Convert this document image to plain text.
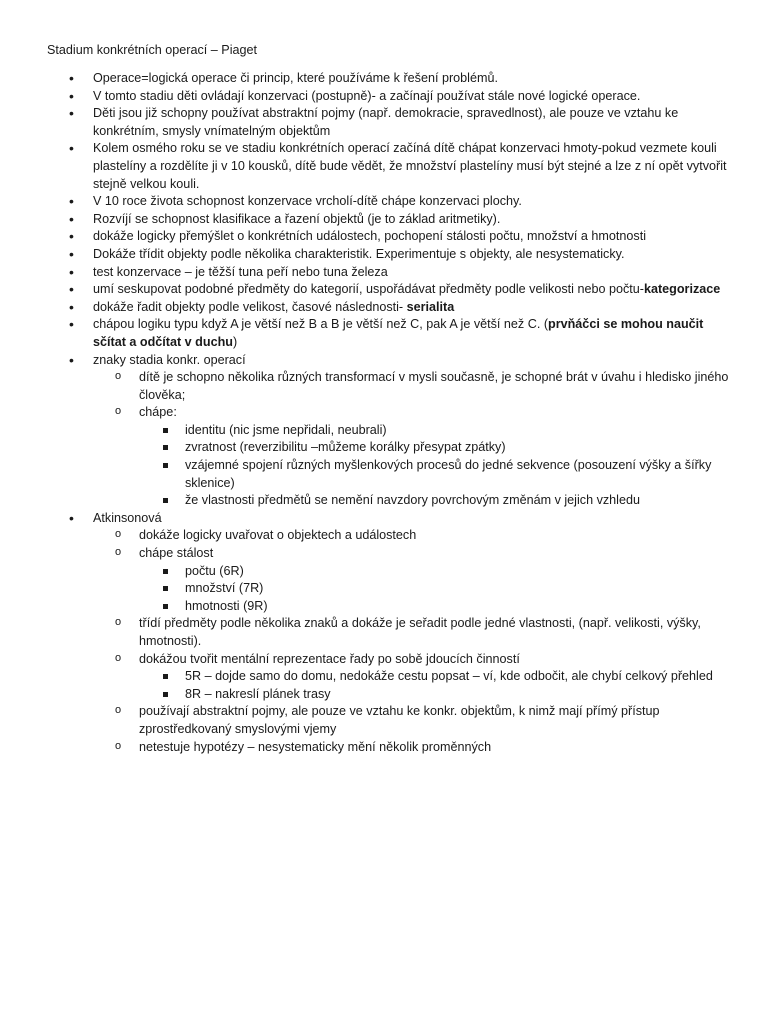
Stadium konkrétních operací – Piaget
• Operace=logická operace či princip, které používáme k řešení problémů.
• V tomto stadiu děti ovládají konzervaci (postupně)- a začínají používat stále nové logické operace.
• Děti jsou již schopny používat abstraktní pojmy (např. demokracie, spravedlnost), ale pouze ve vztahu ke konkrétním, smysly vnímatelným objektům
• Kolem osmého roku se ve stadiu konkrétních operací začíná dítě chápat konzervaci hmoty-pokud vezmete kouli plastelíny a rozdělíte ji v 10 kousků, dítě bude vědět, že množství plastelíny musí být stejné a lze z ní opět vytvořit stejně velkou kouli.
• V 10 roce života schopnost konzervace vrcholí-dítě chápe konzervaci plochy.
• Rozvíjí se schopnost klasifikace a řazení objektů (je to základ aritmetiky).
• dokáže logicky přemýšlet o konkrétních událostech, pochopení stálosti počtu, množství a hmotnosti
• Dokáže třídit objekty podle několika charakteristik. Experimentuje s objekty, ale nesystematicky.
• test konzervace – je těžší tuna peří nebo tuna železa
• umí seskupovat podobné předměty do kategorií, uspořádávat předměty podle velikosti nebo počtu-kategorizace
• dokáže řadit objekty podle velikost, časové následnosti- serialita
• chápou logiku typu když A je větší než B a B je větší než C, pak A je větší než C. (prvňáčci se mohou naučit sčítat a odčítat v duchu)
• znaky stadia konkr. operací
o dítě je schopno několika různých transformací v mysli současně, je schopné brát v úvahu i hledisko jiného člověka;
o chápe:
identitu (nic jsme nepřidali, neubrali)
zvratnost (reverzibilitu –můžeme korálky přesypat zpátky)
vzájemné spojení různých myšlenkových procesů do jedné sekvence (posouzení výšky a šířky sklenice)
že vlastnosti předmětů se nemění navzdory povrchovým změnám v jejich vzhledu
• Atkinsonová
o dokáže logicky uvařovat o objektech a událostech
o chápe stálost
počtu (6R)
množství (7R)
hmotnosti (9R)
o třídí předměty podle několika znaků a dokáže je seřadit podle jedné vlastnosti, (např. velikosti, výšky, hmotnosti).
o dokážou tvořit mentální reprezentace řady po sobě jdoucích činností
5R – dojde samo do domu, nedokáže cestu popsat – ví, kde odbočit, ale chybí celkový přehled
8R – nakreslí plánek trasy
o používají abstraktní pojmy, ale pouze ve vztahu ke konkr. objektům, k nimž mají přímý přístup zprostředkovaný smyslovými vjemy
o netestuje hypotézy – nesystematicky mění několik proměnných
